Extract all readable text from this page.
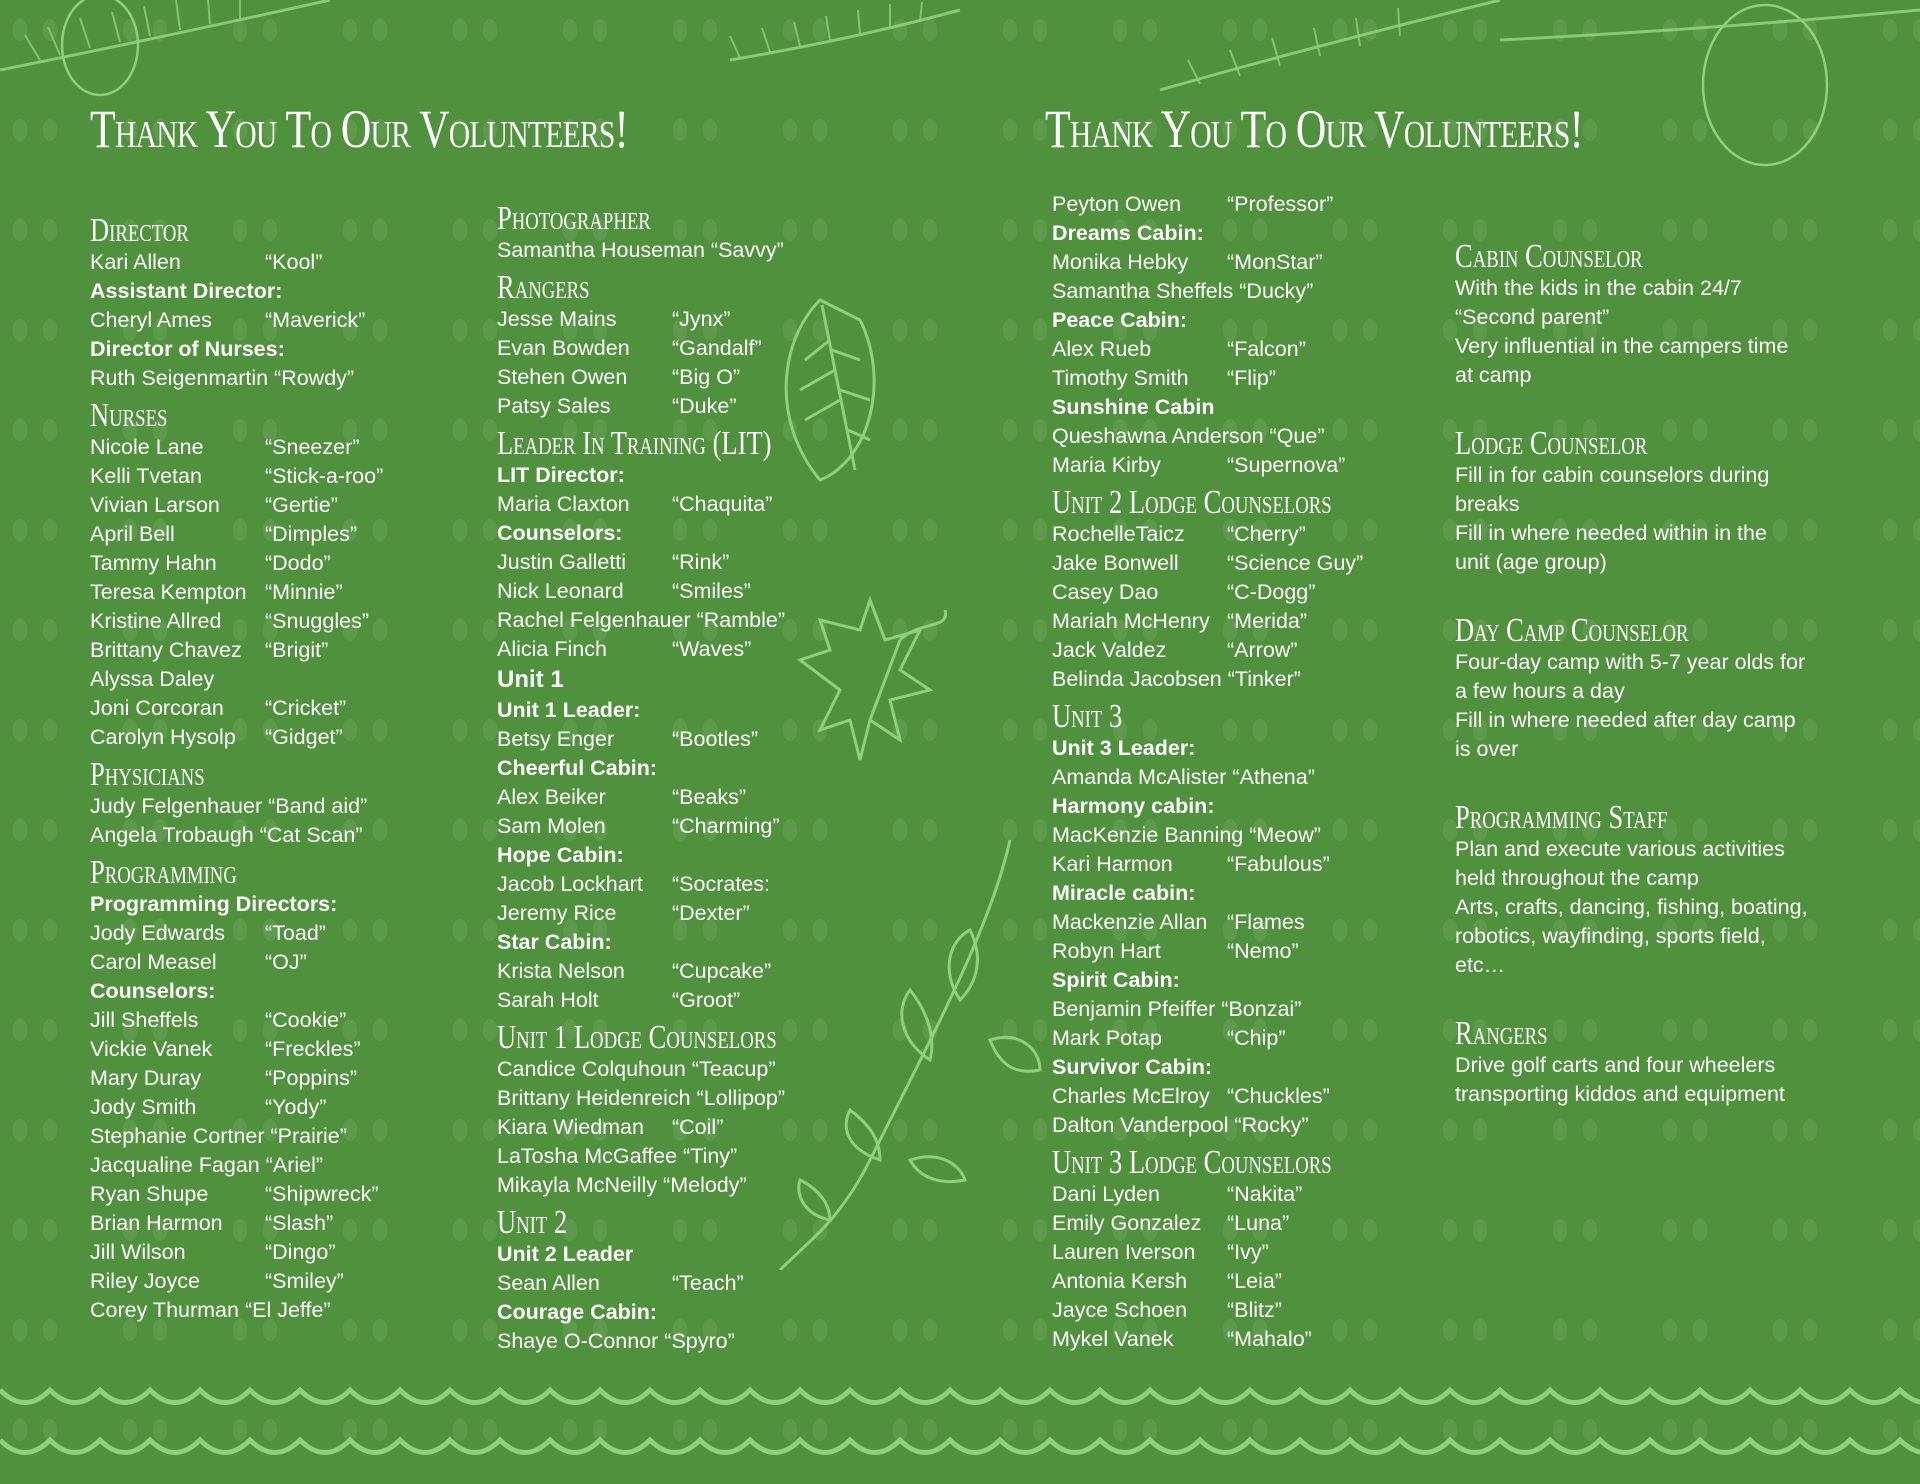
Thank You To Our Volunteers!	Thank You To Our Volunteers!
Director
Kari Allen	“Kool”
Assistant Director:
Cheryl Ames “Maverick”
Director of Nurses:
Ruth Seigenmartin “Rowdy”
Nurses
Nicole Lane	“Sneezer”
Kelli Tvetan	“Stick-a-roo”
Vivian Larson “Gertie”
April Bell	“Dimples”
Tammy Hahn “Dodo”
Teresa Kempton “Minnie”
Kristine Allred “Snuggles”
Brittany Chavez “Brigit”
Alyssa Daley
Joni Corcoran “Cricket”
Carolyn Hysolp “Gidget”
Physicians
Judy Felgenhauer “Band aid”
Angela Trobaugh “Cat Scan”
Programming
Programming Directors:
Jody Edwards “Toad”
Carol Measel “OJ”
Counselors:
Jill Sheffels	“Cookie”
Vickie Vanek “Freckles”
Mary Duray	“Poppins”
Jody Smith	“Yody”
Stephanie Cortner “Prairie”
Jacqualine Fagan “Ariel”
Ryan Shupe	“Shipwreck”
Brian Harmon “Slash”
Jill Wilson	“Dingo”
Riley Joyce	“Smiley”
Corey Thurman “El Jeffe”
Photographer
Samantha Houseman “Savvy”
Rangers
Jesse Mains	“Jynx”
Evan Bowden “Gandalf”
Stehen Owen “Big O”
Patsy Sales	“Duke”
Leader In Training (LIT)
LIT Director:
Maria Claxton “Chaquita”
Counselors:
Justin Galletti “Rink”
Nick Leonard “Smiles”
Rachel Felgenhauer “Ramble”
Alicia Finch	“Waves”
Unit 1
Unit 1 Leader:
Betsy Enger	“Bootles”
Cheerful Cabin:
Alex Beiker	“Beaks”
Sam Molen	“Charming”
Hope Cabin:
Jacob Lockhart “Socrates:
Jeremy Rice	“Dexter”
Star Cabin:
Krista Nelson “Cupcake”
Sarah Holt	“Groot”
Unit 1 Lodge Counselors
Candice Colquhoun “Teacup”
Brittany Heidenreich “Lollipop”
Kiara Wiedman “Coil”
LaTosha McGaffee “Tiny”
Mikayla McNeilly “Melody”
Unit 2
Unit 2 Leader
Sean Allen	“Teach”
Courage Cabin:
Shaye O-Connor “Spyro”
Peyton Owen “Professor”
Dreams Cabin:
Monika Hebky “MonStar”
Samantha Sheffels “Ducky”
Peace Cabin:
Alex Rueb	“Falcon”
Timothy Smith “Flip”
Sunshine Cabin
Queshawna Anderson “Que”
Maria Kirby	“Supernova”
Unit 2 Lodge Counselors
RochelleTaicz “Cherry”
Jake Bonwell “Science Guy”
Casey Dao	“C-Dogg”
Mariah McHenry “Merida”
Jack Valdez	“Arrow”
Belinda Jacobsen “Tinker”
Unit 3
Unit 3 Leader:
Amanda McAlister “Athena”
Harmony cabin:
MacKenzie Banning “Meow”
Kari Harmon	“Fabulous”
Miracle cabin:
Mackenzie Allan “Flames
Robyn Hart	“Nemo”
Spirit Cabin:
Benjamin Pfeiffer “Bonzai”
Mark Potap	“Chip”
Survivor Cabin:
Charles McElroy “Chuckles”
Dalton Vanderpool “Rocky”
Unit 3 Lodge Counselors
Dani Lyden	“Nakita”
Emily Gonzalez “Luna”
Lauren Iverson “Ivy”
Antonia Kersh “Leia”
Jayce Schoen “Blitz”
Mykel Vanek “Mahalo”
Cabin Counselor
With the kids in the cabin 24/7
“Second parent”
Very influential in the campers time
at camp
Lodge Counselor
Fill in for cabin counselors during
breaks
Fill in where needed within in the
unit (age group)
Day Camp Counselor
Four-day camp with 5-7 year olds for
a few hours a day
Fill in where needed after day camp
is over
Programming Staff
Plan and execute various activities
held throughout the camp
Arts, crafts, dancing, fishing, boating,
robotics, wayfinding, sports field,
etc…
Rangers
Drive golf carts and four wheelers
transporting kiddos and equipment
